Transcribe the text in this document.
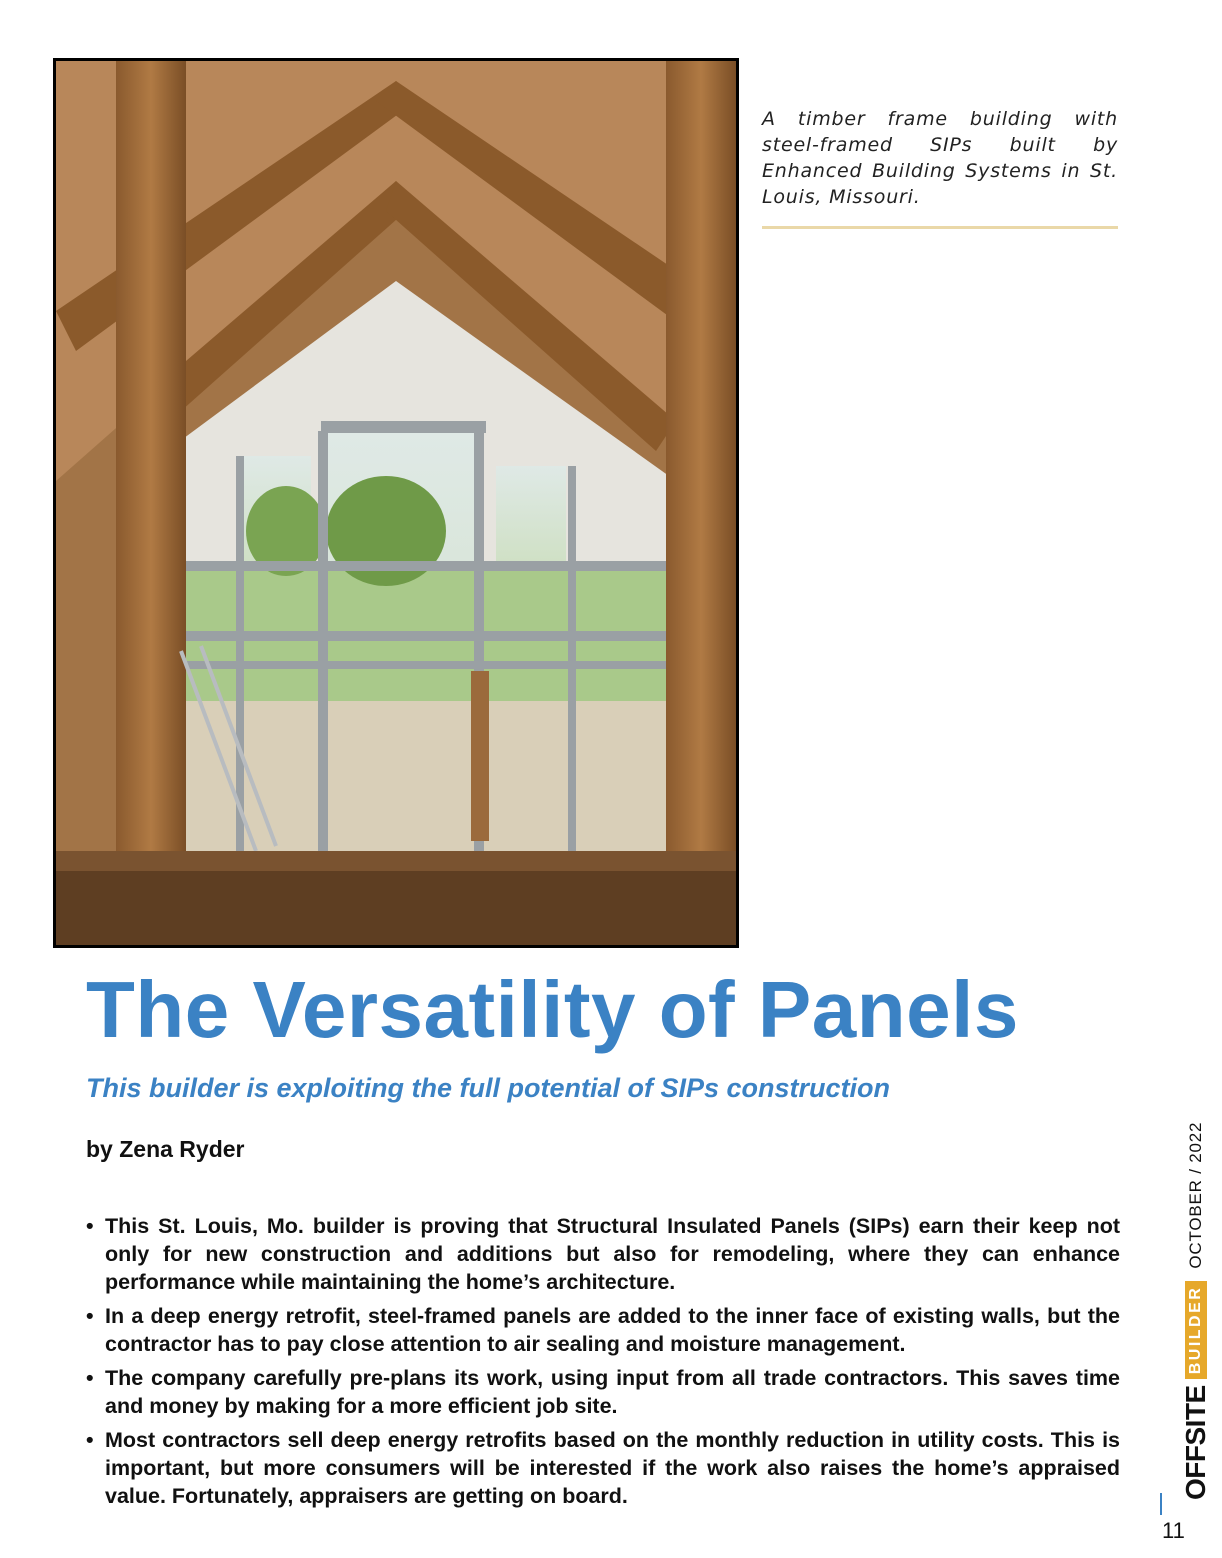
A timber frame building with steel-framed SIPs built by Enhanced Building Systems in St. Louis, Missouri.
The Versatility of Panels

This builder is exploiting the full potential of SIPs construction

by Zena Ryder

• This St. Louis, Mo. builder is proving that Structural Insulated Panels (SIPs) earn their keep not only for new construction and additions but also for remodeling, where they can enhance performance while maintaining the home’s architecture.
• In a deep energy retrofit, steel-framed panels are added to the inner face of existing walls, but the contractor has to pay close attention to air sealing and moisture management.
• The company carefully pre-plans its work, using input from all trade contractors. This saves time and money by making for a more efficient job site.
• Most contractors sell deep energy retrofits based on the monthly reduction in utility costs. This is important, but more consumers will be interested if the work also raises the home’s appraised value. Fortunately, appraisers are getting on board.	OFFSITE
BUILDER
OCTOBER / 2022
11
